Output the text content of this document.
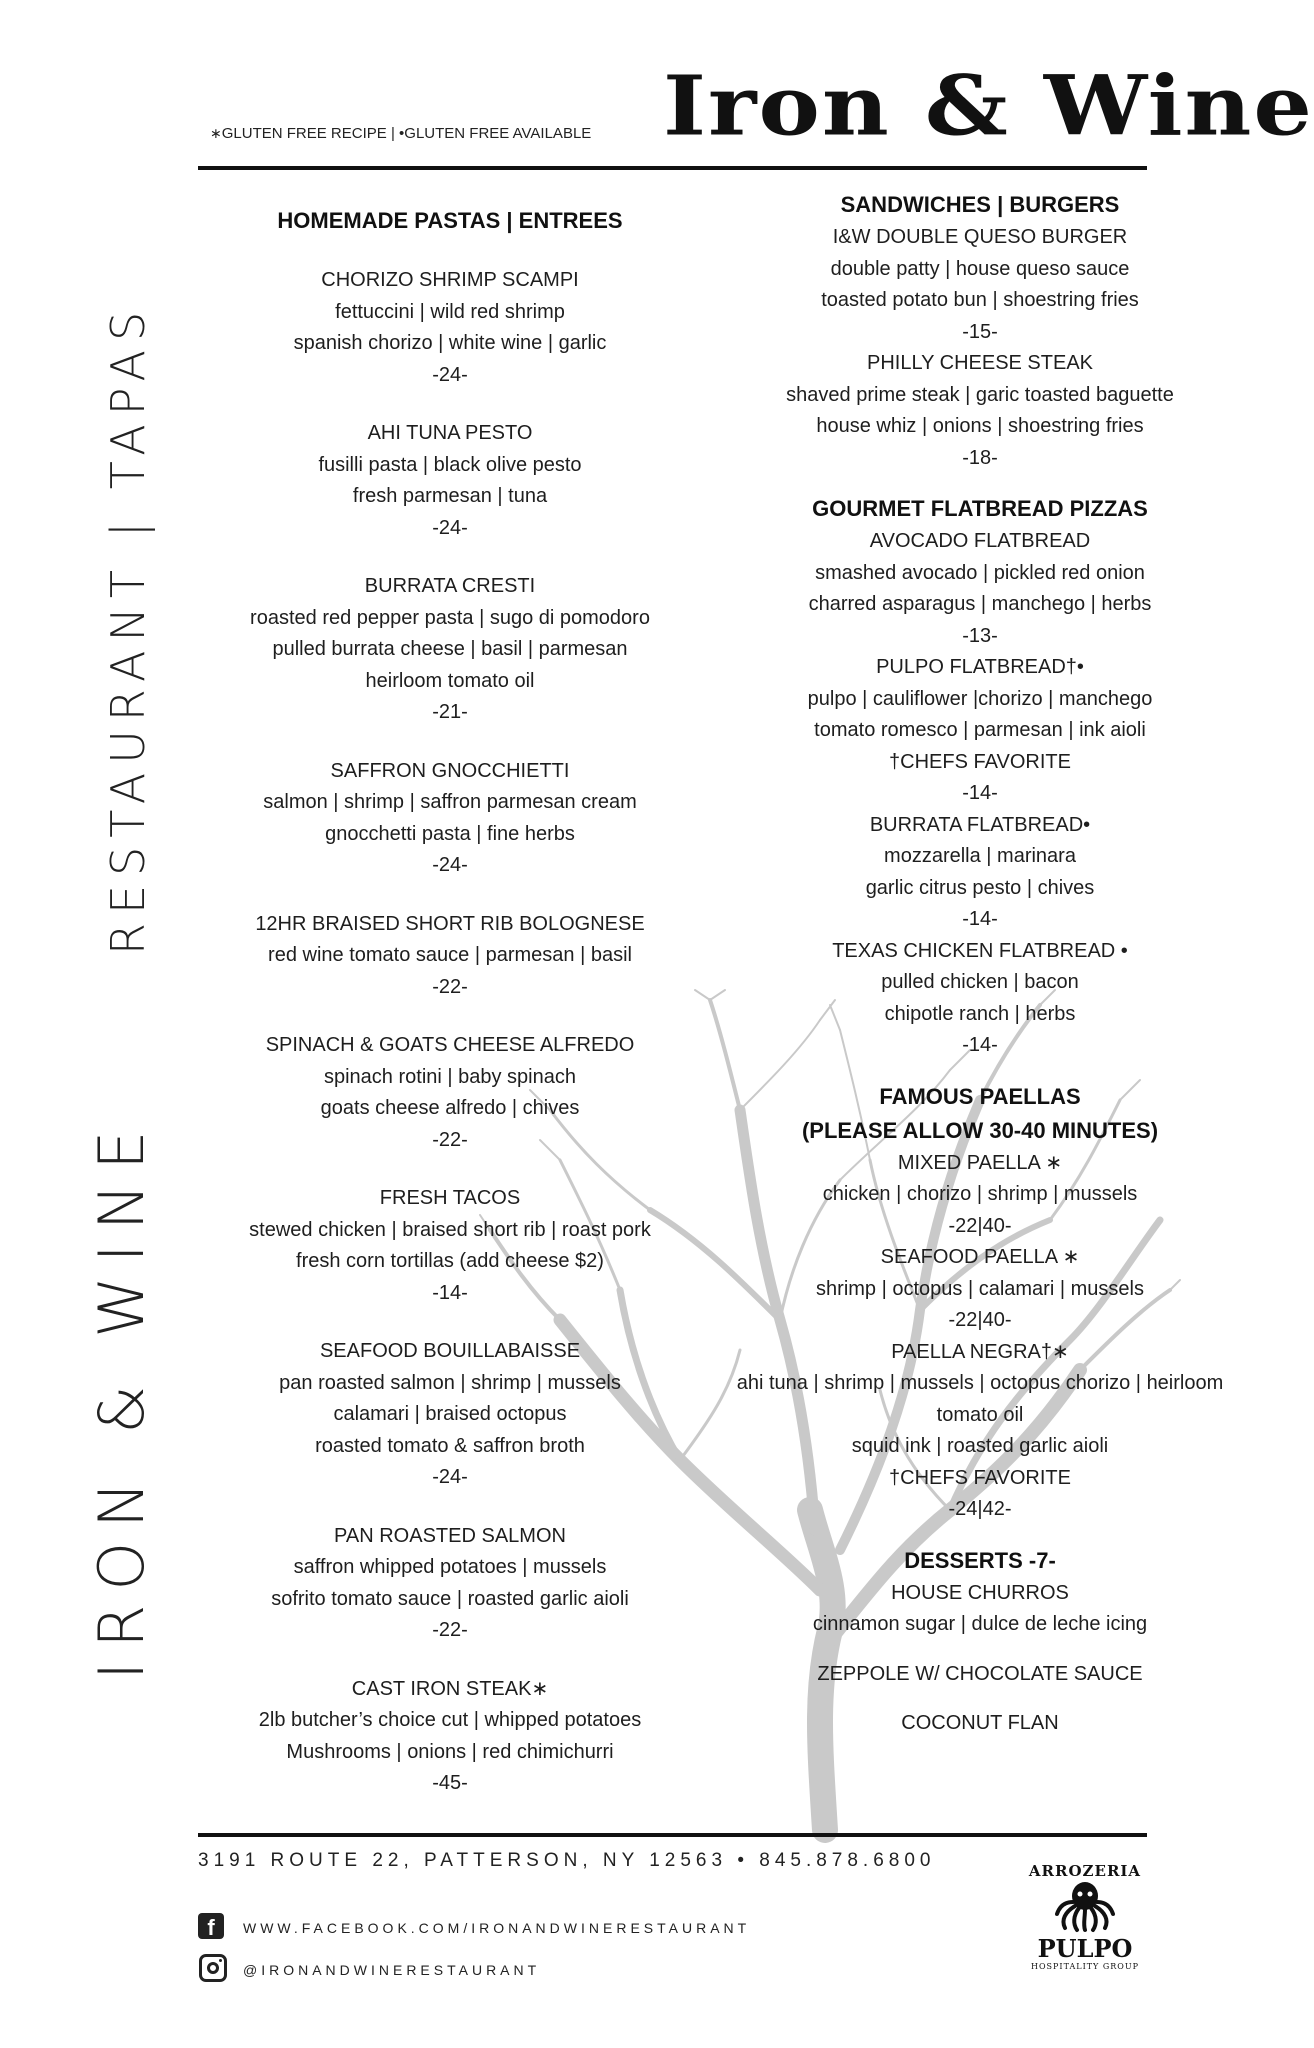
∗GLUTEN FREE RECIPE | •GLUTEN FREE AVAILABLE Iron & Wine
RESTAURANT | TAPAS
IRON & WINE
HOMEMADE PASTAS | ENTREES
CHORIZO SHRIMP SCAMPI
fettuccini | wild red shrimp
spanish chorizo | white wine | garlic
-24-
AHI TUNA PESTO
fusilli pasta | black olive pesto
fresh parmesan | tuna
-24-
BURRATA CRESTI
roasted red pepper pasta | sugo di pomodoro
pulled burrata cheese | basil | parmesan
heirloom tomato oil
-21-
SAFFRON GNOCCHIETTI
salmon | shrimp | saffron parmesan cream
gnocchetti pasta | fine herbs
-24-
12HR BRAISED SHORT RIB BOLOGNESE
red wine tomato sauce | parmesan | basil
-22-
SPINACH & GOATS CHEESE ALFREDO
spinach rotini | baby spinach
goats cheese alfredo | chives
-22-
FRESH TACOS
stewed chicken | braised short rib | roast pork
fresh corn tortillas (add cheese $2)
-14-
SEAFOOD BOUILLABAISSE
pan roasted salmon | shrimp | mussels
calamari | braised octopus
roasted tomato & saffron broth
-24-
PAN ROASTED SALMON
saffron whipped potatoes | mussels
sofrito tomato sauce | roasted garlic aioli
-22-
CAST IRON STEAK∗
2lb butcher’s choice cut | whipped potatoes
Mushrooms | onions | red chimichurri
-45-
SANDWICHES | BURGERS
I&W DOUBLE QUESO BURGER
double patty | house queso sauce
toasted potato bun | shoestring fries
-15-
PHILLY CHEESE STEAK
shaved prime steak | garic toasted baguette
house whiz | onions | shoestring fries
-18-
GOURMET FLATBREAD PIZZAS
AVOCADO FLATBREAD
smashed avocado | pickled red onion
charred asparagus | manchego | herbs
-13-
PULPO FLATBREAD†•
pulpo | cauliflower |chorizo | manchego
tomato romesco | parmesan | ink aioli
†CHEFS FAVORITE
-14-
BURRATA FLATBREAD•
mozzarella | marinara
garlic citrus pesto | chives
-14-
TEXAS CHICKEN FLATBREAD •
pulled chicken | bacon
chipotle ranch | herbs
-14-
FAMOUS PAELLAS
(PLEASE ALLOW 30-40 MINUTES)
MIXED PAELLA ∗
chicken | chorizo | shrimp | mussels
-22|40-
SEAFOOD PAELLA ∗
shrimp | octopus | calamari | mussels
-22|40-
PAELLA NEGRA†∗
ahi tuna | shrimp | mussels | octopus chorizo | heirloom
tomato oil
squid ink | roasted garlic aioli
†CHEFS FAVORITE
-24|42-
DESSERTS -7-
HOUSE CHURROS
cinnamon sugar | dulce de leche icing
ZEPPOLE W/ CHOCOLATE SAUCE
COCONUT FLAN
3191 ROUTE 22, PATTERSON, NY 12563 • 845.878.6800
f	WWW.FACEBOOK.COM/IRONANDWINERESTAURANT
@IRONANDWINERESTAURANT
ARROZERIA
PULPO
HOSPITALITY GROUP
